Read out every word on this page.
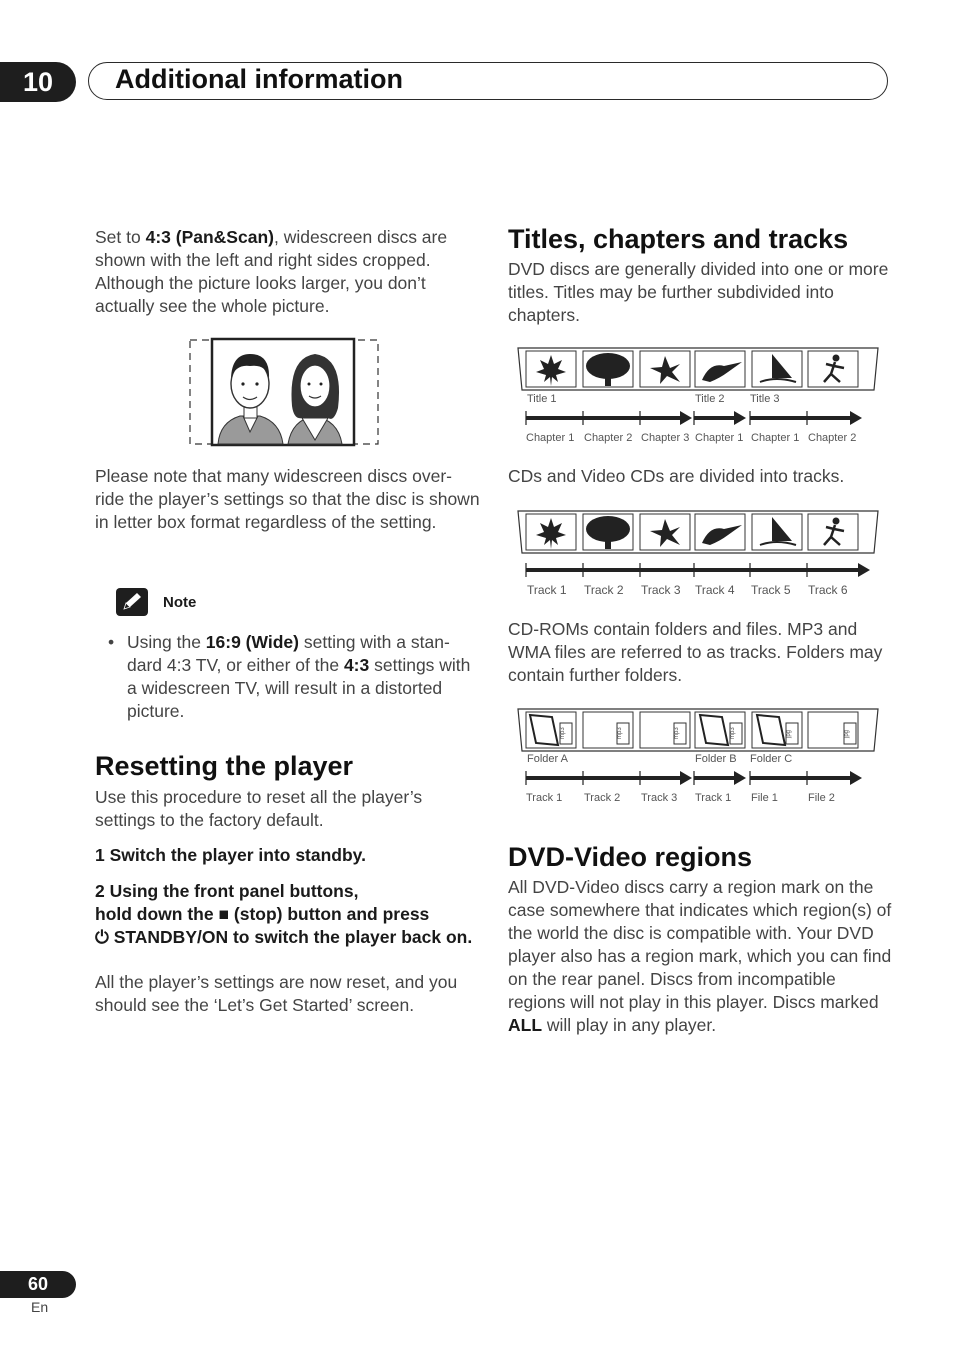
10 Additional information
Set to 4:3 (Pan&Scan), widescreen discs are shown with the left and right sides cropped. Although the picture looks larger, you don’t actually see the whole picture.
Please note that many widescreen discs over-ride the player’s settings so that the disc is shown in letter box format regardless of the setting.
Note
• Using the 16:9 (Wide) setting with a stan-dard 4:3 TV, or either of the 4:3 settings with a widescreen TV, will result in a distorted picture.
Resetting the player
Use this procedure to reset all the player’s settings to the factory default.
1 Switch the player into standby.
2 Using the front panel buttons,
hold down the ■ (stop) button and press
⏻ STANDBY/ON to switch the player back on.
All the player’s settings are now reset, and you should see the ‘Let’s Get Started’ screen.
Titles, chapters and tracks
DVD discs are generally divided into one or more titles. Titles may be further subdivided into chapters.
Title 1	Title 2 Title 3
Chapter 1 Chapter 2 Chapter 3 Chapter 1 Chapter 1 Chapter 2
CDs and Video CDs are divided into tracks.
Track 1 Track 2 Track 3 Track 4 Track 5 Track 6
CD-ROMs contain folders and files. MP3 and WMA files are referred to as tracks. Folders may contain further folders.
mp3	mp3	mp3	mp3	jpg	jpg
Folder A	Folder B Folder C
Track 1 Track 2 Track 3 Track 1 File 1	File 2
DVD-Video regions
All DVD-Video discs carry a region mark on the case somewhere that indicates which region(s) of the world the disc is compatible with. Your DVD player also has a region mark, which you can find on the rear panel. Discs from incompatible regions will not play in this player. Discs marked ALL will play in any player.
60
En
